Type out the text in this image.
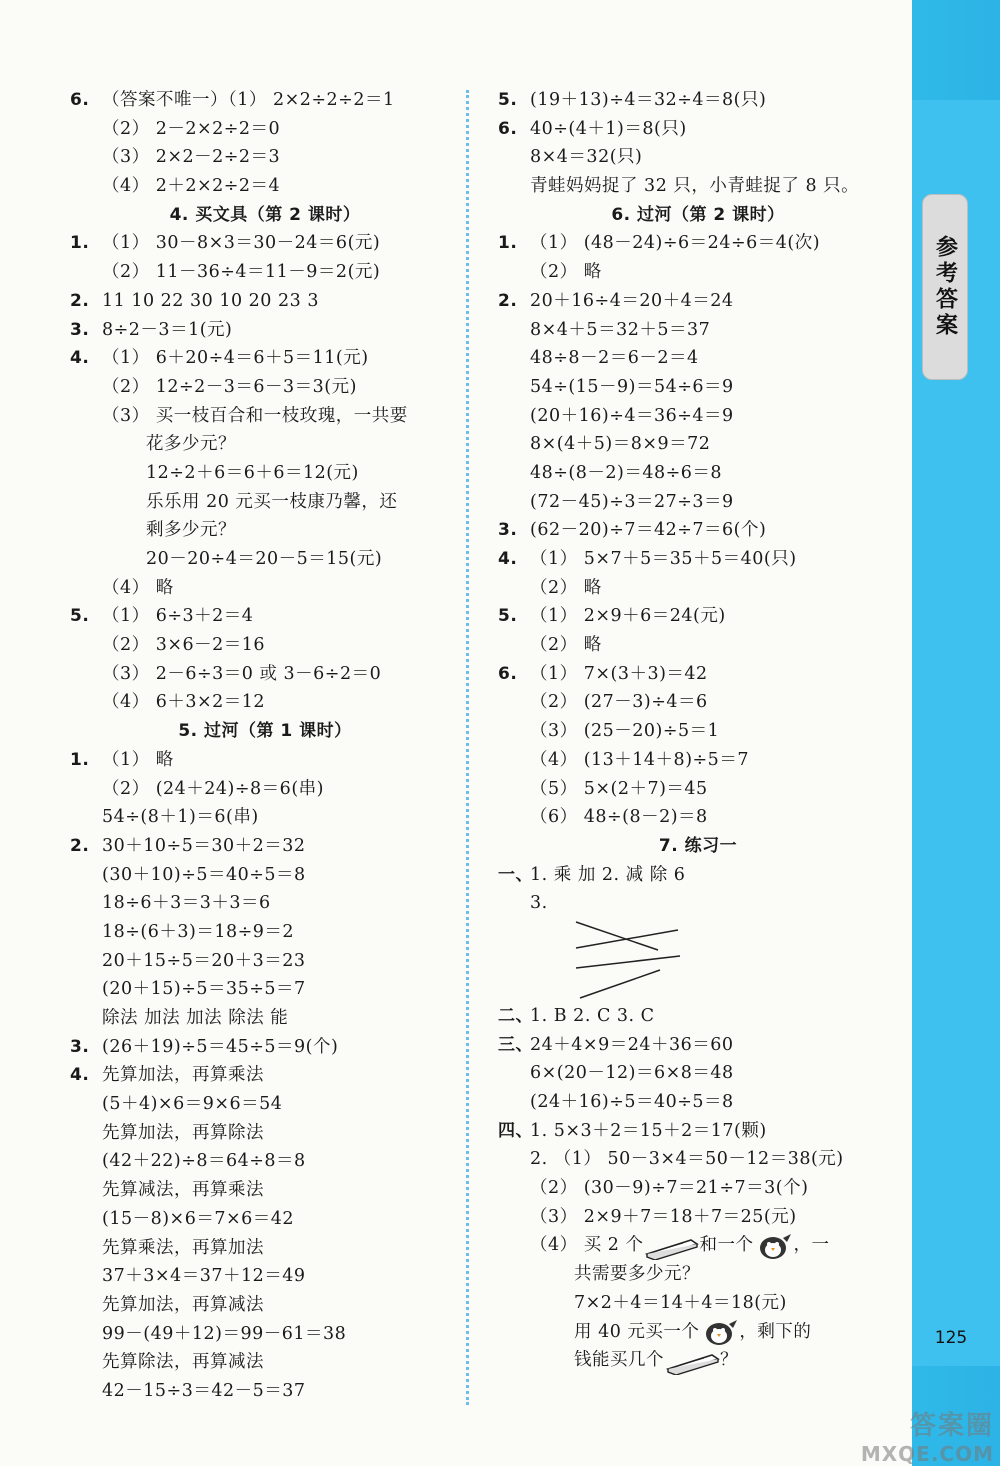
参考答案
6. （答案不唯一）（1） 2×2÷2÷2＝1
（2） 2－2×2÷2＝0
（3） 2×2－2÷2＝3
（4） 2＋2×2÷2＝4
4. 买文具（第 2 课时）
1. （1） 30－8×3＝30－24＝6(元)
（2） 11－36÷4＝11－9＝2(元)
2. 11 10 22 30 10 20 23 3
3. 8÷2－3＝1(元)
4. （1） 6＋20÷4＝6＋5＝11(元)
（2） 12÷2－3＝6－3＝3(元)
（3） 买一枝百合和一枝玫瑰，一共要
花多少元？
12÷2＋6＝6＋6＝12(元)
乐乐用 20 元买一枝康乃馨，还
剩多少元？
20－20÷4＝20－5＝15(元)
（4） 略
5. （1） 6÷3＋2＝4
（2） 3×6－2＝16
（3） 2－6÷3＝0 或 3－6÷2＝0
（4） 6＋3×2＝12
5. 过河（第 1 课时）
1. （1） 略
（2） (24＋24)÷8＝6(串)
54÷(8＋1)＝6(串)
2. 30＋10÷5＝30＋2＝32
(30＋10)÷5＝40÷5＝8
18÷6＋3＝3＋3＝6
18÷(6＋3)＝18÷9＝2
20＋15÷5＝20＋3＝23
(20＋15)÷5＝35÷5＝7
除法 加法 加法 除法 能
3. (26＋19)÷5＝45÷5＝9(个)
4. 先算加法，再算乘法
(5＋4)×6＝9×6＝54
先算加法，再算除法
(42＋22)÷8＝64÷8＝8
先算减法，再算乘法
(15－8)×6＝7×6＝42
先算乘法，再算加法
37＋3×4＝37＋12＝49
先算加法，再算减法
99－(49＋12)＝99－61＝38
先算除法，再算减法
42－15÷3＝42－5＝37
5. (19＋13)÷4＝32÷4＝8(只)
6. 40÷(4＋1)＝8(只)
8×4＝32(只)
青蛙妈妈捉了 32 只，小青蛙捉了 8 只。
6. 过河（第 2 课时）
1. （1） (48－24)÷6＝24÷6＝4(次)
（2） 略
2. 20＋16÷4＝20＋4＝24
8×4＋5＝32＋5＝37
48÷8－2＝6－2＝4
54÷(15－9)＝54÷6＝9
(20＋16)÷4＝36÷4＝9
8×(4＋5)＝8×9＝72
48÷(8－2)＝48÷6＝8
(72－45)÷3＝27÷3＝9
3. (62－20)÷7＝42÷7＝6(个)
4. （1） 5×7＋5＝35＋5＝40(只)
（2） 略
5. （1） 2×9＋6＝24(元)
（2） 略
6. （1） 7×(3＋3)＝42
（2） (27－3)÷4＝6
（3） (25－20)÷5＝1
（4） (13＋14＋8)÷5＝7
（5） 5×(2＋7)＝45
（6） 48÷(8－2)＝8
7. 练习一
一、1. 乘 加 2. 减 除 6
3.
二、1. B 2. C 3. C
三、24＋4×9＝24＋36＝60
6×(20－12)＝6×8＝48
(24＋16)÷5＝40÷5＝8
四、1. 5×3＋2＝15＋2＝17(颗)
2. （1） 50－3×4＝50－12＝38(元)
（2） (30－9)÷7＝21÷7＝3(个)
（3） 2×9＋7＝18＋7＝25(元)
（4） 买 2 个	和一个 ，一
共需要多少元？
7×2＋4＝14＋4＝18(元)
用 40 元买一个 ，剩下的
钱能买几个	？
125
答案圈
MXQE.COM
